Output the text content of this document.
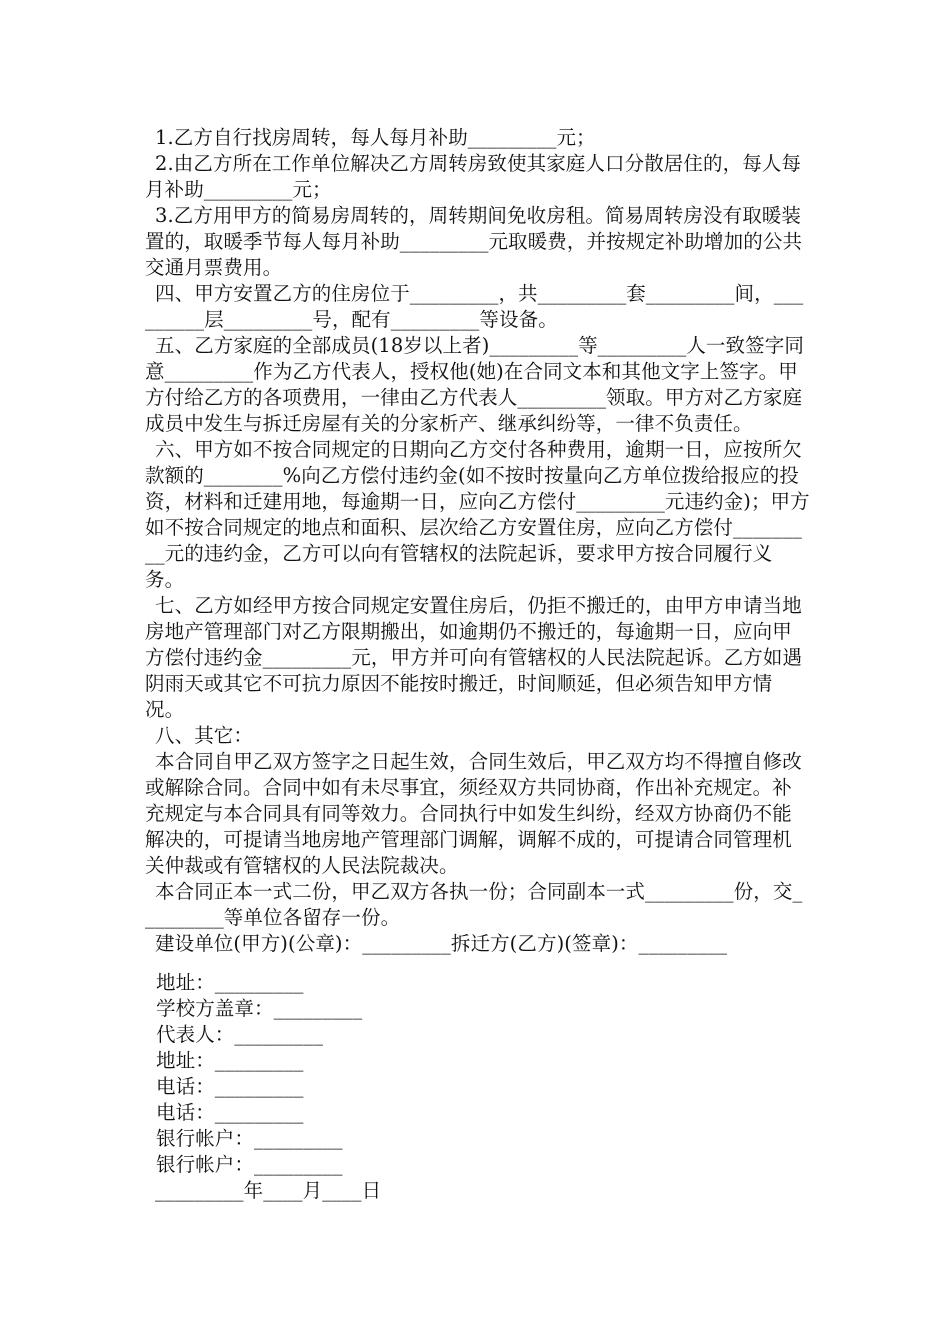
1.乙方自行找房周转，每人每月补助_________元；

2.由乙方所在工作单位解决乙方周转房致使其家庭人口分散居住的，每人每月补助_________元；

3.乙方用甲方的简易房周转的，周转期间免收房租。简易周转房没有取暖装置的，取暖季节每人每月补助_________元取暖费，并按规定补助增加的公共交通月票费用。

四、甲方安置乙方的住房位于_________，共_________套_________间，_________层_________号，配有_________等设备。

五、乙方家庭的全部成员(18岁以上者)_________等_________人一致签字同意_________作为乙方代表人，授权他(她)在合同文本和其他文字上签字。甲方付给乙方的各项费用，一律由乙方代表人_________领取。甲方对乙方家庭成员中发生与拆迁房屋有关的分家析产、继承纠纷等，一律不负责任。

六、甲方如不按合同规定的日期向乙方交付各种费用，逾期一日，应按所欠款额的________%向乙方偿付违约金(如不按时按量向乙方单位拨给报应的投资，材料和迁建用地，每逾期一日，应向乙方偿付_________元违约金)；甲方如不按合同规定的地点和面积、层次给乙方安置住房，应向乙方偿付_________元的违约金，乙方可以向有管辖权的法院起诉，要求甲方按合同履行义务。

七、乙方如经甲方按合同规定安置住房后，仍拒不搬迁的，由甲方申请当地房地产管理部门对乙方限期搬出，如逾期仍不搬迁的，每逾期一日，应向甲方偿付违约金_________元，甲方并可向有管辖权的人民法院起诉。乙方如遇阴雨天或其它不可抗力原因不能按时搬迁，时间顺延，但必须告知甲方情况。

八、其它：

本合同自甲乙双方签字之日起生效，合同生效后，甲乙双方均不得擅自修改或解除合同。合同中如有未尽事宜，须经双方共同协商，作出补充规定。补充规定与本合同具有同等效力。合同执行中如发生纠纷，经双方协商仍不能解决的，可提请当地房地产管理部门调解，调解不成的，可提请合同管理机关仲裁或有管辖权的人民法院裁决。

本合同正本一式二份，甲乙双方各执一份；合同副本一式_________份，交_________等单位各留存一份。

建设单位(甲方)(公章)：_________拆迁方(乙方)(签章)：_________

地址：_________

学校方盖章：_________

代表人：_________

地址：_________

电话：_________

电话：_________

银行帐户：_________

银行帐户：_________

_________年____月____日
